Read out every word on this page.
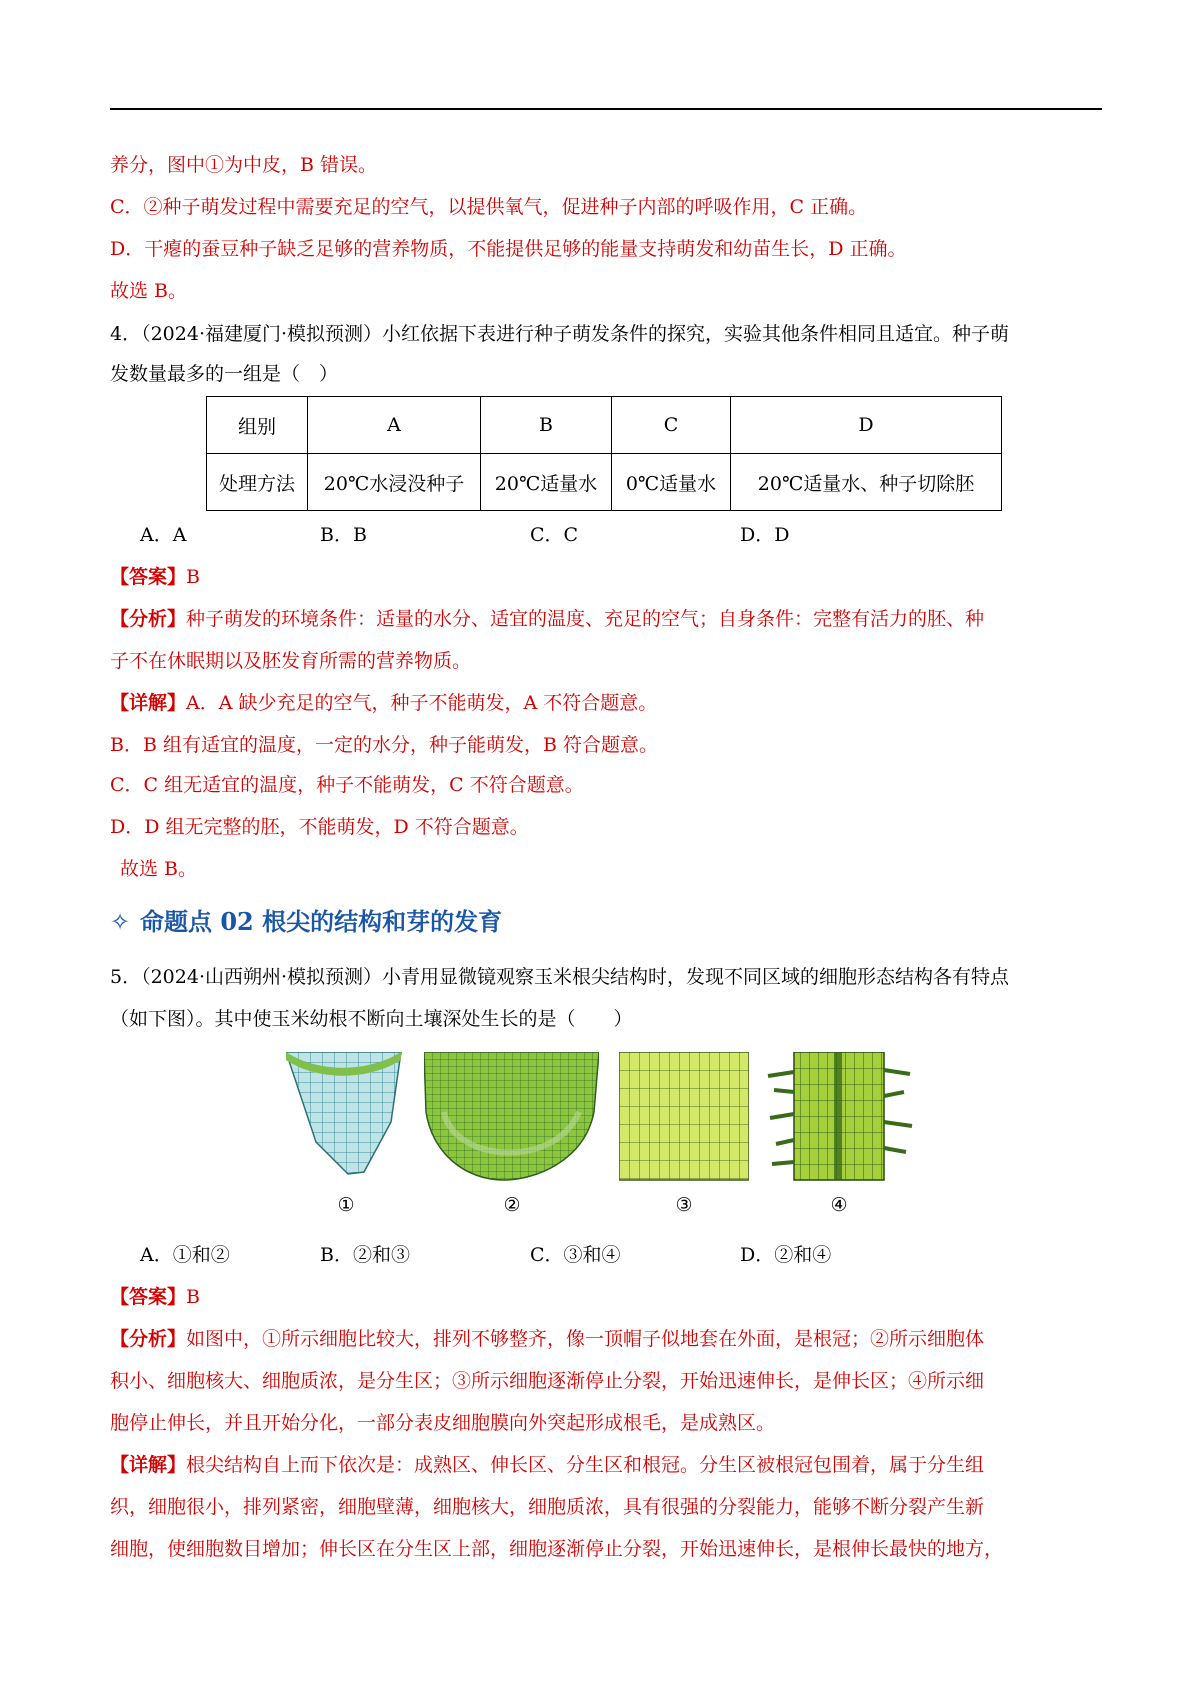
养分，图中①为中皮，B 错误。
C．②种子萌发过程中需要充足的空气，以提供氧气，促进种子内部的呼吸作用，C 正确。
D．干瘪的蚕豆种子缺乏足够的营养物质，不能提供足够的能量支持萌发和幼苗生长，D 正确。
故选 B。
4．（2024·福建厦门·模拟预测）小红依据下表进行种子萌发条件的探究，实验其他条件相同且适宜。种子萌
发数量最多的一组是（　）
组别	A	B	C	D
处理方法	20℃水浸没种子	20℃适量水	0℃适量水	20℃适量水、种子切除胚
A．A	B．B	C．C	D．D
【答案】B
【分析】种子萌发的环境条件：适量的水分、适宜的温度、充足的空气；自身条件：完整有活力的胚、种
子不在休眠期以及胚发育所需的营养物质。
【详解】A．A 缺少充足的空气，种子不能萌发，A 不符合题意。
B．B 组有适宜的温度，一定的水分，种子能萌发，B 符合题意。
C．C 组无适宜的温度，种子不能萌发，C 不符合题意。
D．D 组无完整的胚，不能萌发，D 不符合题意。
故选 B。
✧ 命题点 02 根尖的结构和芽的发育
5．（2024·山西朔州·模拟预测）小青用显微镜观察玉米根尖结构时，发现不同区域的细胞形态结构各有特点
（如下图）。其中使玉米幼根不断向土壤深处生长的是（　　）
①	②	③	④
A．①和②	B．②和③	C．③和④	D．②和④
【答案】B
【分析】如图中，①所示细胞比较大，排列不够整齐，像一顶帽子似地套在外面，是根冠；②所示细胞体
积小、细胞核大、细胞质浓，是分生区；③所示细胞逐渐停止分裂，开始迅速伸长，是伸长区；④所示细
胞停止伸长，并且开始分化，一部分表皮细胞膜向外突起形成根毛，是成熟区。
【详解】根尖结构自上而下依次是：成熟区、伸长区、分生区和根冠。分生区被根冠包围着，属于分生组
织，细胞很小，排列紧密，细胞壁薄，细胞核大，细胞质浓，具有很强的分裂能力，能够不断分裂产生新
细胞，使细胞数目增加；伸长区在分生区上部，细胞逐渐停止分裂，开始迅速伸长，是根伸长最快的地方，
